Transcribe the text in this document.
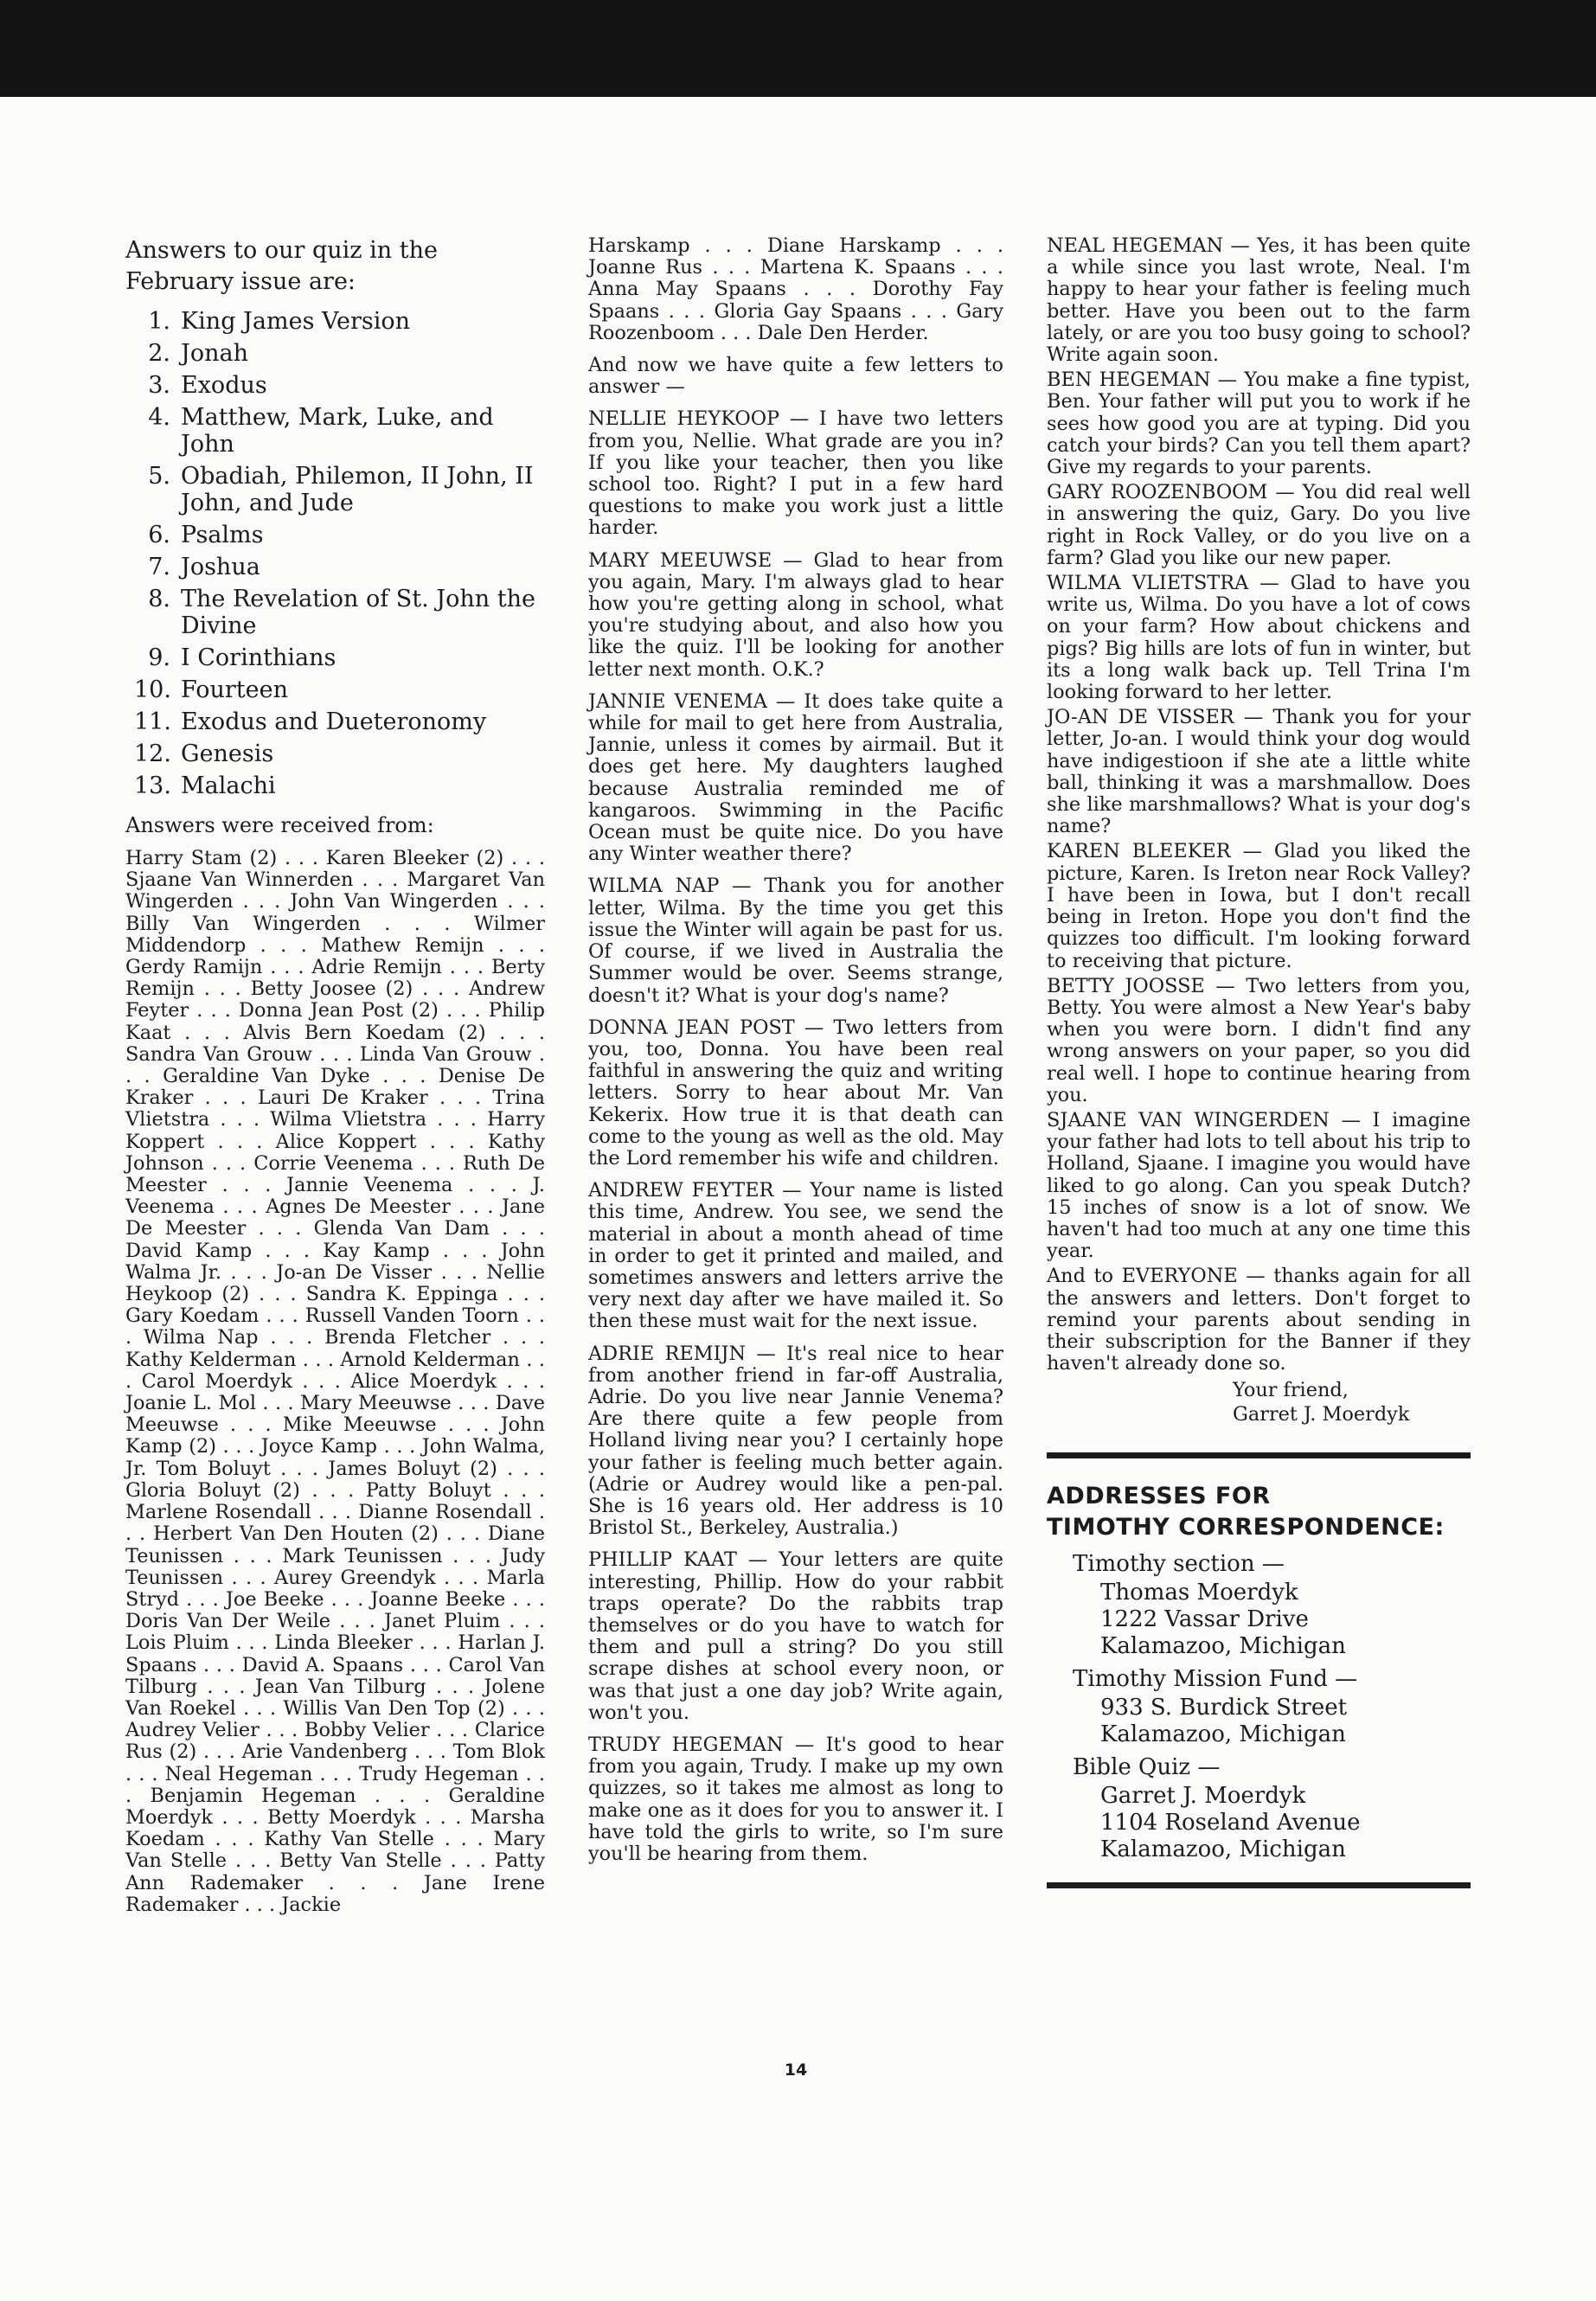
Answers to our quiz in the February issue are:

1. King James Version
2. Jonah
3. Exodus
4. Matthew, Mark, Luke, and John
5. Obadiah, Philemon, II John, II John, and Jude
6. Psalms
7. Joshua
8. The Revelation of St. John the Divine
9. I Corinthians
10. Fourteen
11. Exodus and Dueteronomy
12. Genesis
13. Malachi

Answers were received from:

Harry Stam (2) . . . Karen Bleeker (2) . . . Sjaane Van Winnerden . . . Margaret Van Wingerden . . . John Van Wingerden . . . Billy Van Wingerden . . . Wilmer Middendorp . . . Mathew Remijn . . . Gerdy Ramijn . . . Adrie Remijn . . . Berty Remijn . . . Betty Joosee (2) . . . Andrew Feyter . . . Donna Jean Post (2) . . . Philip Kaat . . . Alvis Bern Koedam (2) . . . Sandra Van Grouw . . . Linda Van Grouw . . . Geraldine Van Dyke . . . Denise De Kraker . . . Lauri De Kraker . . . Trina Vlietstra . . . Wilma Vlietstra . . . Harry Koppert . . . Alice Koppert . . . Kathy Johnson . . . Corrie Veenema . . . Ruth De Meester . . . Jannie Veenema . . . J. Veenema . . . Agnes De Meester . . . Jane De Meester . . . Glenda Van Dam . . . David Kamp . . . Kay Kamp . . . John Walma Jr. . . . Jo-an De Visser . . . Nellie Heykoop (2) . . . Sandra K. Eppinga . . . Gary Koedam . . . Russell Vanden Toorn . . . Wilma Nap . . . Brenda Fletcher . . . Kathy Kelderman . . . Arnold Kelderman . . . Carol Moerdyk . . . Alice Moerdyk . . . Joanie L. Mol . . . Mary Meeuwse . . . Dave Meeuwse . . . Mike Meeuwse . . . John Kamp (2) . . . Joyce Kamp . . . John Walma, Jr. Tom Boluyt . . . James Boluyt (2) . . . Gloria Boluyt (2) . . . Patty Boluyt . . . Marlene Rosendall . . . Dianne Rosendall . . . Herbert Van Den Houten (2) . . . Diane Teunissen . . . Mark Teunissen . . . Judy Teunissen . . . Aurey Greendyk . . . Marla Stryd . . . Joe Beeke . . . Joanne Beeke . . . Doris Van Der Weile . . . Janet Pluim . . . Lois Pluim . . . Linda Bleeker . . . Harlan J. Spaans . . . David A. Spaans . . . Carol Van Tilburg . . . Jean Van Tilburg . . . Jolene Van Roekel . . . Willis Van Den Top (2) . . . Audrey Velier . . . Bobby Velier . . . Clarice Rus (2) . . . Arie Vandenberg . . . Tom Blok . . . Neal Hegeman . . . Trudy Hegeman . . . Benjamin Hegeman . . . Geraldine Moerdyk . . . Betty Moerdyk . . . Marsha Koedam . . . Kathy Van Stelle . . . Mary Van Stelle . . . Betty Van Stelle . . . Patty Ann Rademaker . . . Jane Irene Rademaker . . . Jackie

Harskamp . . . Diane Harskamp . . . Joanne Rus . . . Martena K. Spaans . . . Anna May Spaans . . . Dorothy Fay Spaans . . . Gloria Gay Spaans . . . Gary Roozenboom . . . Dale Den Herder.

And now we have quite a few letters to answer —

NELLIE HEYKOOP — I have two letters from you, Nellie. What grade are you in? If you like your teacher, then you like school too. Right? I put in a few hard questions to make you work just a little harder.

MARY MEEUWSE — Glad to hear from you again, Mary. I'm always glad to hear how you're getting along in school, what you're studying about, and also how you like the quiz. I'll be looking for another letter next month. O.K.?

JANNIE VENEMA — It does take quite a while for mail to get here from Australia, Jannie, unless it comes by airmail. But it does get here. My daughters laughed because Australia reminded me of kangaroos. Swimming in the Pacific Ocean must be quite nice. Do you have any Winter weather there?

WILMA NAP — Thank you for another letter, Wilma. By the time you get this issue the Winter will again be past for us. Of course, if we lived in Australia the Summer would be over. Seems strange, doesn't it? What is your dog's name?

DONNA JEAN POST — Two letters from you, too, Donna. You have been real faithful in answering the quiz and writing letters. Sorry to hear about Mr. Van Kekerix. How true it is that death can come to the young as well as the old. May the Lord remember his wife and children.

ANDREW FEYTER — Your name is listed this time, Andrew. You see, we send the material in about a month ahead of time in order to get it printed and mailed, and sometimes answers and letters arrive the very next day after we have mailed it. So then these must wait for the next issue.

ADRIE REMIJN — It's real nice to hear from another friend in far-off Australia, Adrie. Do you live near Jannie Venema? Are there quite a few people from Holland living near you? I certainly hope your father is feeling much better again. (Adrie or Audrey would like a pen-pal. She is 16 years old. Her address is 10 Bristol St., Berkeley, Australia.)

PHILLIP KAAT — Your letters are quite interesting, Phillip. How do your rabbit traps operate? Do the rabbits trap themselves or do you have to watch for them and pull a string? Do you still scrape dishes at school every noon, or was that just a one day job? Write again, won't you.

TRUDY HEGEMAN — It's good to hear from you again, Trudy. I make up my own quizzes, so it takes me almost as long to make one as it does for you to answer it. I have told the girls to write, so I'm sure you'll be hearing from them.

NEAL HEGEMAN — Yes, it has been quite a while since you last wrote, Neal. I'm happy to hear your father is feeling much better. Have you been out to the farm lately, or are you too busy going to school? Write again soon.

BEN HEGEMAN — You make a fine typist, Ben. Your father will put you to work if he sees how good you are at typing. Did you catch your birds? Can you tell them apart? Give my regards to your parents.

GARY ROOZENBOOM — You did real well in answering the quiz, Gary. Do you live right in Rock Valley, or do you live on a farm? Glad you like our new paper.

WILMA VLIETSTRA — Glad to have you write us, Wilma. Do you have a lot of cows on your farm? How about chickens and pigs? Big hills are lots of fun in winter, but its a long walk back up. Tell Trina I'm looking forward to her letter.

JO-AN DE VISSER — Thank you for your letter, Jo-an. I would think your dog would have indigestioon if she ate a little white ball, thinking it was a marshmallow. Does she like marshmallows? What is your dog's name?

KAREN BLEEKER — Glad you liked the picture, Karen. Is Ireton near Rock Valley? I have been in Iowa, but I don't recall being in Ireton. Hope you don't find the quizzes too difficult. I'm looking forward to receiving that picture.

BETTY JOOSSE — Two letters from you, Betty. You were almost a New Year's baby when you were born. I didn't find any wrong answers on your paper, so you did real well. I hope to continue hearing from you.

SJAANE VAN WINGERDEN — I imagine your father had lots to tell about his trip to Holland, Sjaane. I imagine you would have liked to go along. Can you speak Dutch? 15 inches of snow is a lot of snow. We haven't had too much at any one time this year.

And to EVERYONE — thanks again for all the answers and letters. Don't forget to remind your parents about sending in their subscription for the Banner if they haven't already done so.

Your friend,
Garret J. Moerdyk
ADDRESSES FOR
TIMOTHY CORRESPONDENCE:
Timothy section —
Thomas Moerdyk
1222 Vassar Drive
Kalamazoo, Michigan
Timothy Mission Fund —
933 S. Burdick Street
Kalamazoo, Michigan
Bible Quiz —
Garret J. Moerdyk
1104 Roseland Avenue
Kalamazoo, Michigan
14
